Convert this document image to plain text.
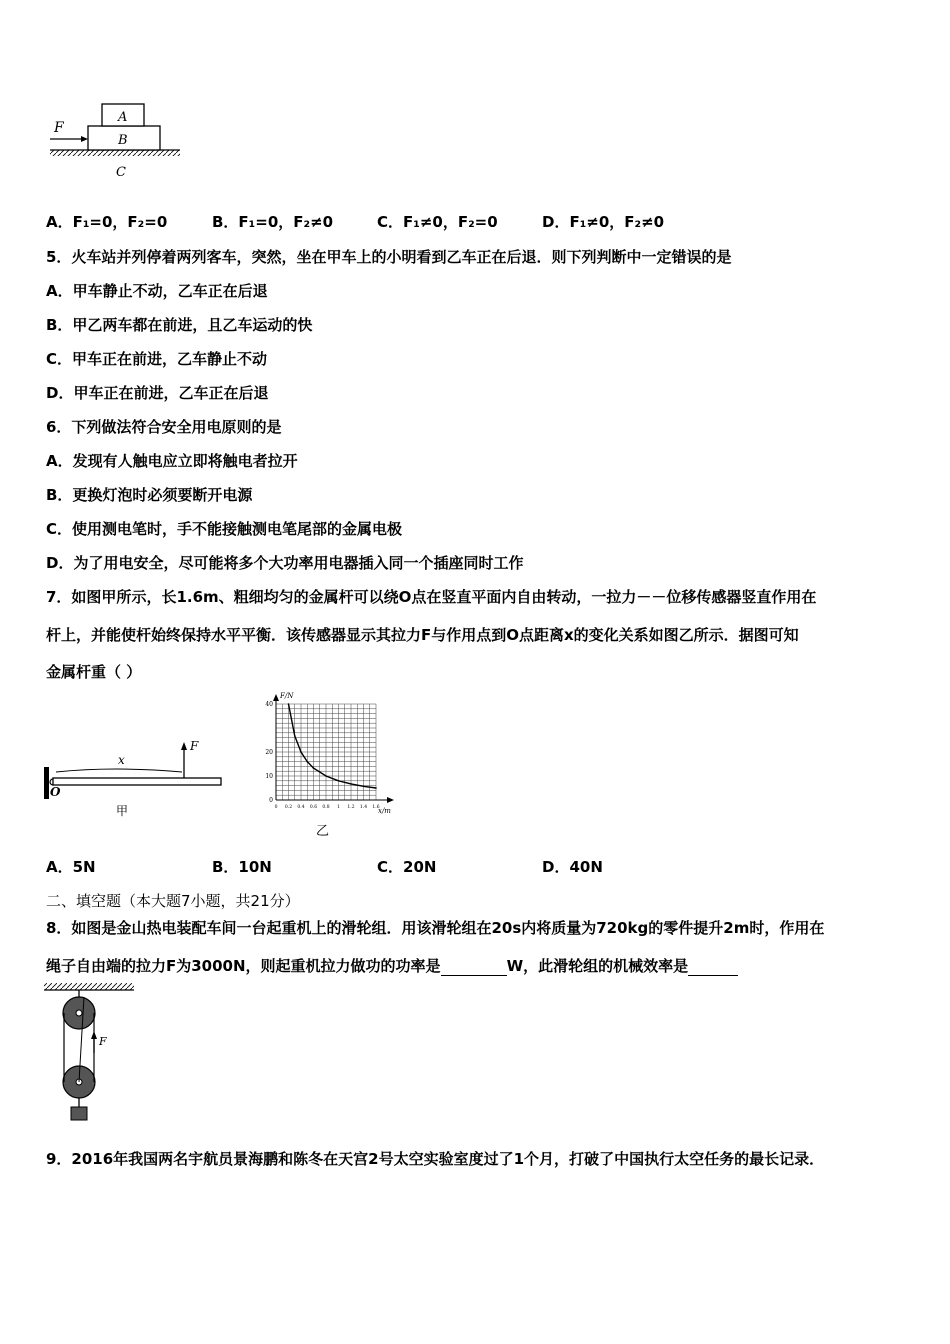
F
A
B
C
A．F₁=0，F₂=0	B．F₁=0，F₂≠0	C．F₁≠0，F₂=0	D．F₁≠0，F₂≠0
5．火车站并列停着两列客车，突然，坐在甲车上的小明看到乙车正在后退．则下列判断中一定错误的是
A．甲车静止不动，乙车正在后退
B．甲乙两车都在前进，且乙车运动的快
C．甲车正在前进，乙车静止不动
D．甲车正在前进，乙车正在后退
6．下列做法符合安全用电原则的是
A．发现有人触电应立即将触电者拉开
B．更换灯泡时必须要断开电源
C．使用测电笔时，手不能接触测电笔尾部的金属电极
D．为了用电安全，尽可能将多个大功率用电器插入同一个插座同时工作
7．如图甲所示，长1.6m、粗细均匀的金属杆可以绕O点在竖直平面内自由转动，一拉力－－位移传感器竖直作用在
杆上，并能使杆始终保持水平平衡．该传感器显示其拉力F与作用点到O点距离x的变化关系如图乙所示．据图可知
金属杆重（ ）
O
x
F
甲
F/N
x/m
0
10
20
40
0 0.2 0.4 0.6 0.8 1 1.2 1.4 1.6
乙
A．5N	B．10N	C．20N	D．40N
二、填空题（本大题7小题，共21分）
8．如图是金山热电装配车间一台起重机上的滑轮组．用该滑轮组在20s内将质量为720kg的零件提升2m时，作用在
绳子自由端的拉力F为3000N，则起重机拉力做功的功率是	W，此滑轮组的机械效率是
F
9．2016年我国两名宇航员景海鹏和陈冬在天宫2号太空实验室度过了1个月，打破了中国执行太空任务的最长记录．
